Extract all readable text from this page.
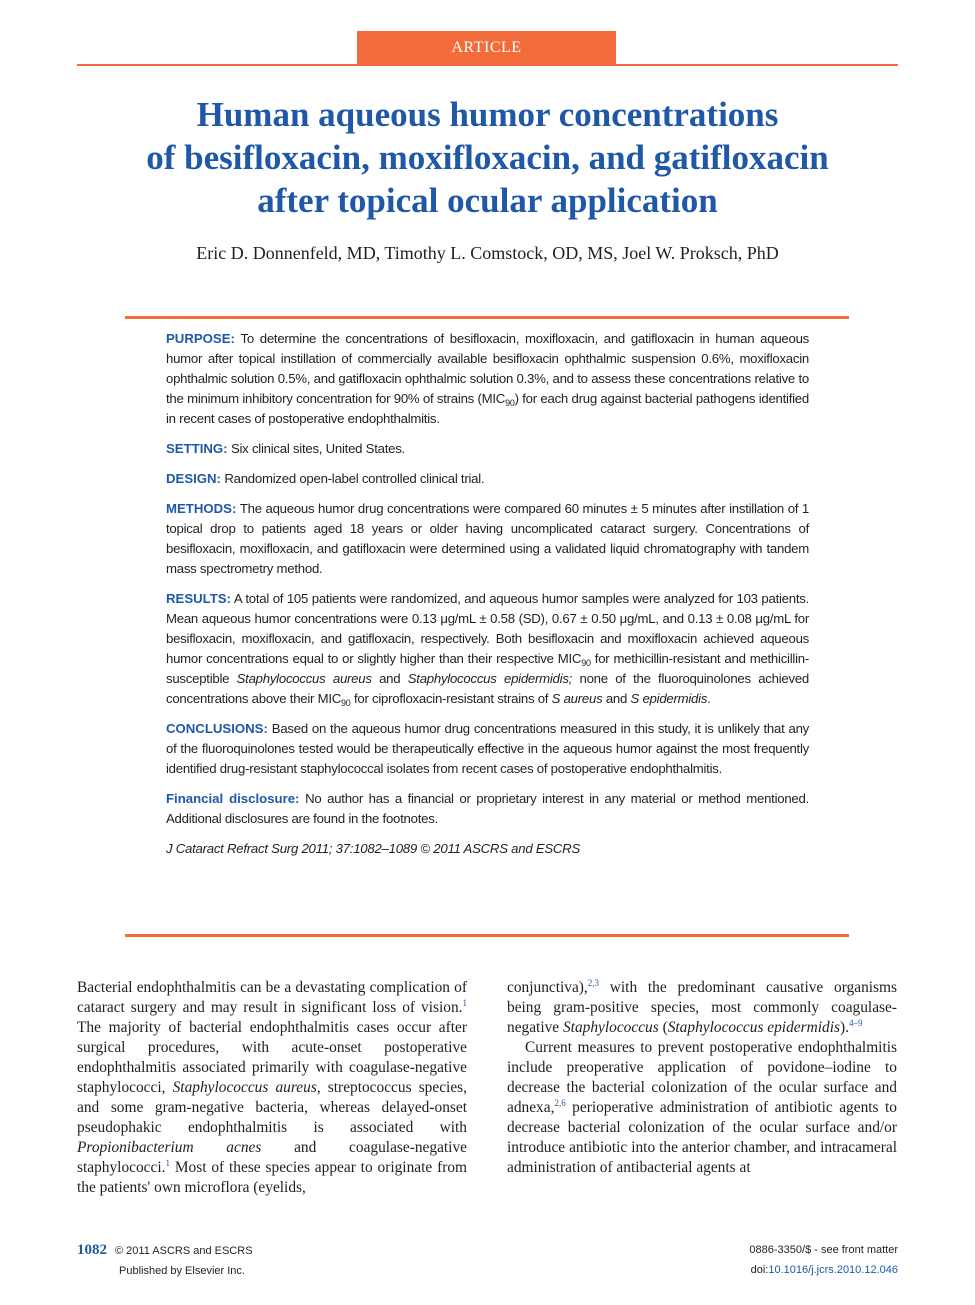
ARTICLE
Human aqueous humor concentrations
of besifloxacin, moxifloxacin, and gatifloxacin
after topical ocular application
Eric D. Donnenfeld, MD, Timothy L. Comstock, OD, MS, Joel W. Proksch, PhD

PURPOSE: To determine the concentrations of besifloxacin, moxifloxacin, and gatifloxacin in human aqueous humor after topical instillation of commercially available besifloxacin ophthalmic suspension 0.6%, moxifloxacin ophthalmic solution 0.5%, and gatifloxacin ophthalmic solution 0.3%, and to assess these concentrations relative to the minimum inhibitory concentration for 90% of strains $(MIC_{90})$ for each drug against bacterial pathogens identified in recent cases of postoperative endophthalmitis.

SETTING: Six clinical sites, United States.

DESIGN: Randomized open-label controlled clinical trial.

METHODS: The aqueous humor drug concentrations were compared 60 minutes ± 5 minutes after instillation of 1 topical drop to patients aged 18 years or older having uncomplicated cataract surgery. Concentrations of besifloxacin, moxifloxacin, and gatifloxacin were determined using a validated liquid chromatography with tandem mass spectrometry method.

RESULTS: A total of 105 patients were randomized, and aqueous humor samples were analyzed for 103 patients. Mean aqueous humor concentrations were 0.13 μg/mL ± 0.58 (SD), 0.67 ± 0.50 μg/mL, and 0.13 ± 0.08 μg/mL for besifloxacin, moxifloxacin, and gatifloxacin, respectively. Both besifloxacin and moxifloxacin achieved aqueous humor concentrations equal to or slightly higher than their respective $MIC_{90}$ for methicillin-resistant and methicillin-susceptible Staphylococcus aureus and Staphylococcus epidermidis; none of the fluoroquinolones achieved concentrations above their $MIC_{90}$ for ciprofloxacin-resistant strains of S aureus and S epidermidis.

CONCLUSIONS: Based on the aqueous humor drug concentrations measured in this study, it is unlikely that any of the fluoroquinolones tested would be therapeutically effective in the aqueous humor against the most frequently identified drug-resistant staphylococcal isolates from recent cases of postoperative endophthalmitis.

Financial disclosure: No author has a financial or proprietary interest in any material or method mentioned. Additional disclosures are found in the footnotes.

J Cataract Refract Surg 2011; 37:1082–1089 © 2011 ASCRS and ESCRS

Bacterial endophthalmitis can be a devastating complication of cataract surgery and may result in significant loss of vision.$^1$ The majority of bacterial endophthalmitis cases occur after surgical procedures, with acute-onset postoperative endophthalmitis associated primarily with coagulase-negative staphylococci, Staphylococcus aureus, streptococcus species, and some gram-negative bacteria, whereas delayed-onset pseudophakic endophthalmitis is associated with Propionibacterium acnes and coagulase-negative staphylococci.$^1$ Most of these species appear to originate from the patients' own microflora (eyelids,

conjunctiva),$^{2,3}$ with the predominant causative organisms being gram-positive species, most commonly coagulase-negative Staphylococcus (Staphylococcus epidermidis).$^{4-9}$

Current measures to prevent postoperative endophthalmitis include preoperative application of povidone–iodine to decrease the bacterial colonization of the ocular surface and adnexa,$^{2,6}$ perioperative administration of antibiotic agents to decrease bacterial colonization of the ocular surface and/or introduce antibiotic into the anterior chamber, and intracameral administration of antibacterial agents at

1082 © 2011 ASCRS and ESCRS
Published by Elsevier Inc.
0886-3350/$ - see front matter
doi:10.1016/j.jcrs.2010.12.046
